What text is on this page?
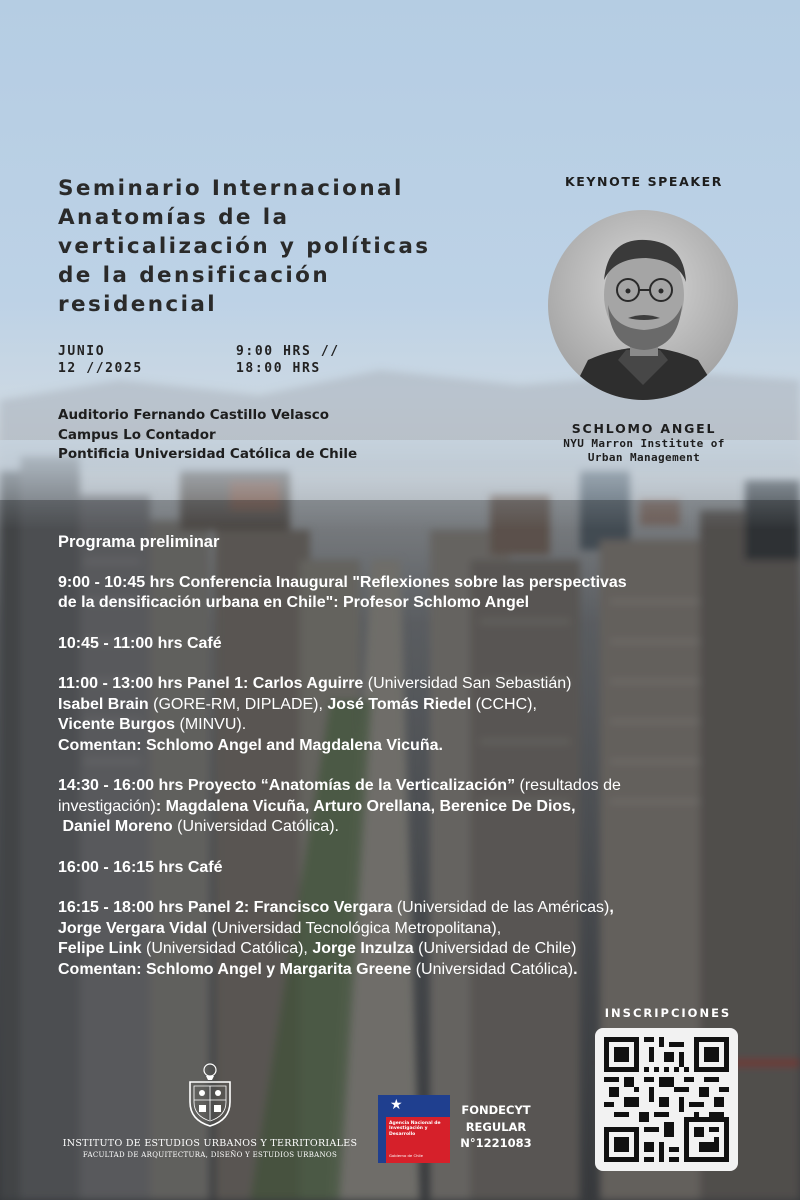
Seminario Internacional
Anatomías de la
verticalización y políticas
de la densificación
residencial
JUNIO
12 //2025
9:00 HRS //
18:00 HRS
Auditorio Fernando Castillo Velasco
Campus Lo Contador
Pontificia Universidad Católica de Chile
KEYNOTE SPEAKER
SCHLOMO ANGEL
NYU Marron Institute of
Urban Management
Programa preliminar
9:00 - 10:45 hrs Conferencia Inaugural "Reflexiones sobre las perspectivas
de la densificación urbana en Chile": Profesor Schlomo Angel
10:45 - 11:00 hrs Café
11:00 - 13:00 hrs Panel 1: Carlos Aguirre (Universidad San Sebastián)
Isabel Brain (GORE-RM, DIPLADE), José Tomás Riedel (CCHC),
Vicente Burgos (MINVU).
Comentan: Schlomo Angel and Magdalena Vicuña.
14:30 - 16:00 hrs Proyecto “Anatomías de la Verticalización” (resultados de
investigación): Magdalena Vicuña, Arturo Orellana, Berenice De Dios,
Daniel Moreno (Universidad Católica).
16:00 - 16:15 hrs Café
16:15 - 18:00 hrs Panel 2: Francisco Vergara (Universidad de las Américas),
Jorge Vergara Vidal (Universidad Tecnológica Metropolitana),
Felipe Link (Universidad Católica), Jorge Inzulza (Universidad de Chile)
Comentan: Schlomo Angel y Margarita Greene (Universidad Católica).
INSCRIPCIONES
INSTITUTO DE ESTUDIOS URBANOS Y TERRITORIALES
FACULTAD DE ARQUITECTURA, DISEÑO Y ESTUDIOS URBANOS
★
Agencia Nacional de Investigación y Desarrollo
Gobierno de Chile
FONDECYT
REGULAR
N°1221083
